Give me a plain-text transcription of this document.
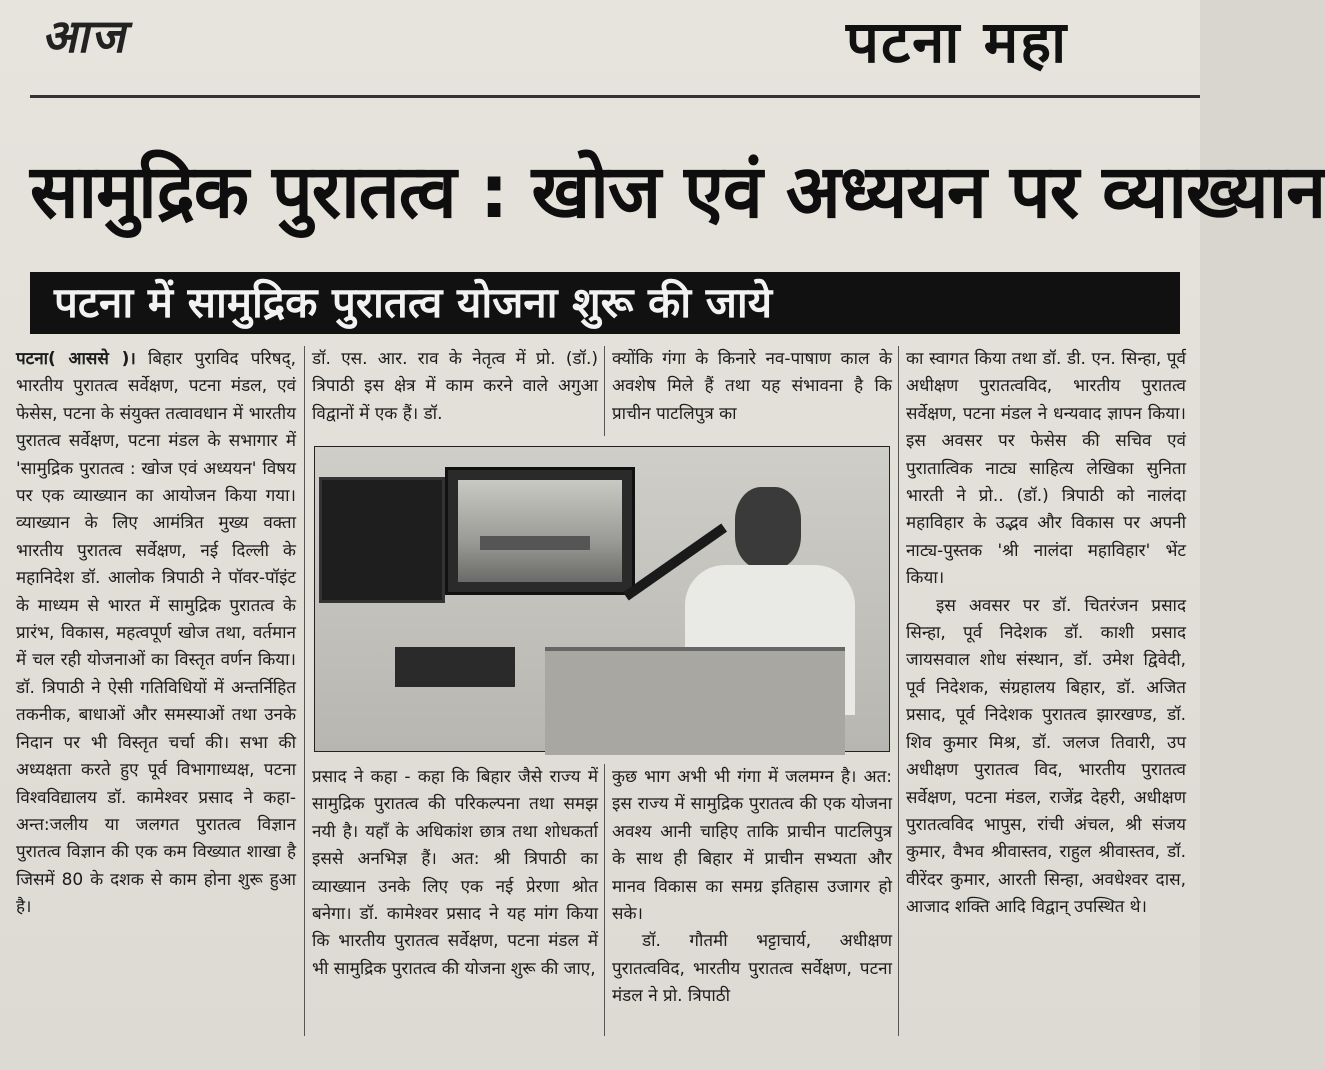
आज	पटना महा
सामुद्रिक पुरातत्व : खोज एवं अध्ययन पर व्याख्यान
पटना में सामुद्रिक पुरातत्व योजना शुरू की जाये

पटना( आससे )। बिहार पुराविद परिषद्, भारतीय पुरातत्व सर्वेक्षण, पटना मंडल, एवं फेसेस, पटना के संयुक्त तत्वावधान में भारतीय पुरातत्व सर्वेक्षण, पटना मंडल के सभागार में 'सामुद्रिक पुरातत्व : खोज एवं अध्ययन' विषय पर एक व्याख्यान का आयोजन किया गया। व्याख्यान के लिए आमंत्रित मुख्य वक्ता भारतीय पुरातत्व सर्वेक्षण, नई दिल्ली के महानिदेश डॉ. आलोक त्रिपाठी ने पॉवर-पॉइंट के माध्यम से भारत में सामुद्रिक पुरातत्व के प्रारंभ, विकास, महत्वपूर्ण खोज तथा, वर्तमान में चल रही योजनाओं का विस्तृत वर्णन किया। डॉ. त्रिपाठी ने ऐसी गतिविधियों में अन्तर्निहित तकनीक, बाधाओं और समस्याओं तथा उनके निदान पर भी विस्तृत चर्चा की। सभा की अध्यक्षता करते हुए पूर्व विभागाध्यक्ष, पटना विश्वविद्यालय डॉ. कामेश्वर प्रसाद ने कहा- अन्त:जलीय या जलगत पुरातत्व विज्ञान पुरातत्व विज्ञान की एक कम विख्यात शाखा है जिसमें 80 के दशक से काम होना शुरू हुआ है।

डॉ. एस. आर. राव के नेतृत्व में प्रो. (डॉ.) त्रिपाठी इस क्षेत्र में काम करने वाले अगुआ विद्वानों में एक हैं। डॉ.

क्योंकि गंगा के किनारे नव-पाषाण काल के अवशेष मिले हैं तथा यह संभावना है कि प्राचीन पाटलिपुत्र का

का स्वागत किया तथा डॉ. डी. एन. सिन्हा, पूर्व अधीक्षण पुरातत्वविद, भारतीय पुरातत्व सर्वेक्षण, पटना मंडल ने धन्यवाद ज्ञापन किया। इस अवसर पर फेसेस की सचिव एवं पुरातात्विक नाट्य साहित्य लेखिका सुनिता भारती ने प्रो.. (डॉ.) त्रिपाठी को नालंदा महाविहार के उद्भव और विकास पर अपनी नाट्य-पुस्तक 'श्री नालंदा महाविहार' भेंट किया।

इस अवसर पर डॉ. चितरंजन प्रसाद सिन्हा, पूर्व निदेशक डॉ. काशी प्रसाद जायसवाल शोध संस्थान, डॉ. उमेश द्विवेदी, पूर्व निदेशक, संग्रहालय बिहार, डॉ. अजित प्रसाद, पूर्व निदेशक पुरातत्व झारखण्ड, डॉ. शिव कुमार मिश्र, डॉ. जलज तिवारी, उप अधीक्षण पुरातत्व विद, भारतीय पुरातत्व सर्वेक्षण, पटना मंडल, राजेंद्र देहरी, अधीक्षण पुरातत्वविद भापुस, रांची अंचल, श्री संजय कुमार, वैभव श्रीवास्तव, राहुल श्रीवास्तव, डॉ. वीरेंदर कुमार, आरती सिन्हा, अवधेश्वर दास, आजाद शक्ति आदि विद्वान् उपस्थित थे।

प्रसाद ने कहा - कहा कि बिहार जैसे राज्य में सामुद्रिक पुरातत्व की परिकल्पना तथा समझ नयी है। यहाँ के अधिकांश छात्र तथा शोधकर्ता इससे अनभिज्ञ हैं। अत: श्री त्रिपाठी का व्याख्यान उनके लिए एक नई प्रेरणा श्रोत बनेगा। डॉ. कामेश्वर प्रसाद ने यह मांग किया कि भारतीय पुरातत्व सर्वेक्षण, पटना मंडल में भी सामुद्रिक पुरातत्व की योजना शुरू की जाए,

कुछ भाग अभी भी गंगा में जलमग्न है। अत: इस राज्य में सामुद्रिक पुरातत्व की एक योजना अवश्य आनी चाहिए ताकि प्राचीन पाटलिपुत्र के साथ ही बिहार में प्राचीन सभ्यता और मानव विकास का समग्र इतिहास उजागर हो सके।

डॉ. गौतमी भट्टाचार्य, अधीक्षण पुरातत्वविद, भारतीय पुरातत्व सर्वेक्षण, पटना मंडल ने प्रो. त्रिपाठी
